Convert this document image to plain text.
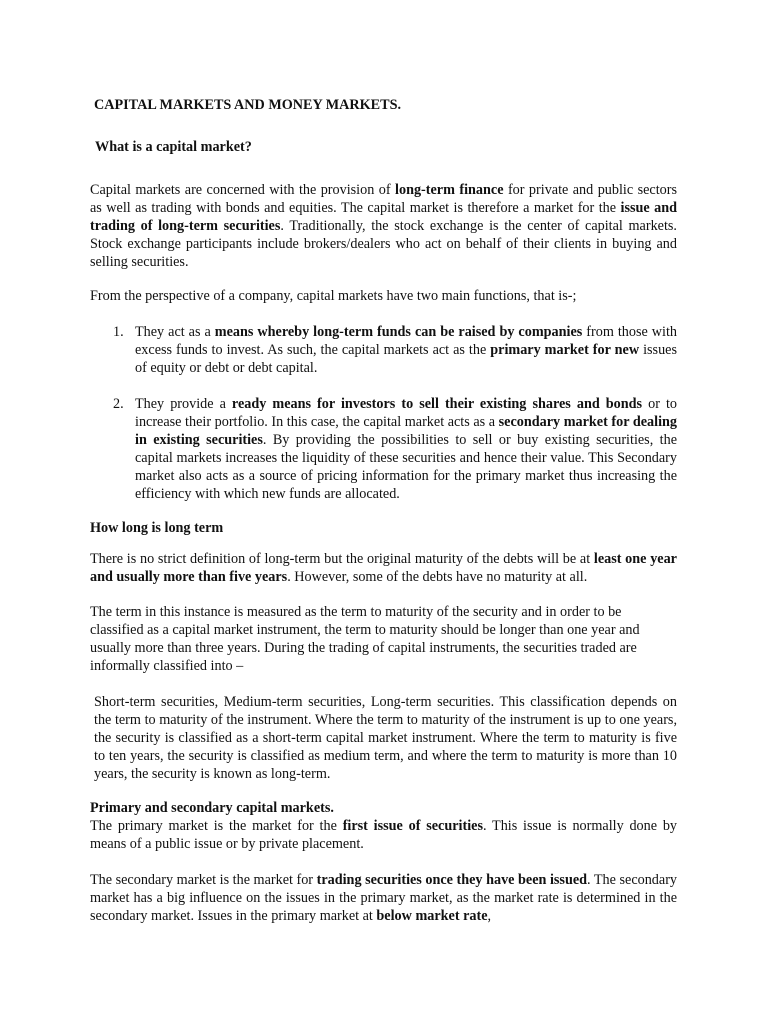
CAPITAL MARKETS AND MONEY MARKETS.
What is a capital market?

Capital markets are concerned with the provision of long-term finance for private and public sectors as well as trading with bonds and equities. The capital market is therefore a market for the issue and trading of long-term securities. Traditionally, the stock exchange is the center of capital markets. Stock exchange participants include brokers/dealers who act on behalf of their clients in buying and selling securities.

From the perspective of a company, capital markets have two main functions, that is-;

1. They act as a means whereby long-term funds can be raised by companies from those with excess funds to invest. As such, the capital markets act as the primary market for new issues of equity or debt or debt capital.
2. They provide a ready means for investors to sell their existing shares and bonds or to increase their portfolio. In this case, the capital market acts as a secondary market for dealing in existing securities. By providing the possibilities to sell or buy existing securities, the capital markets increases the liquidity of these securities and hence their value. This Secondary market also acts as a source of pricing information for the primary market thus increasing the efficiency with which new funds are allocated.
How long is long term

There is no strict definition of long-term but the original maturity of the debts will be at least one year and usually more than five years. However, some of the debts have no maturity at all.

The term in this instance is measured as the term to maturity of the security and in order to be classified as a capital market instrument, the term to maturity should be longer than one year and usually more than three years. During the trading of capital instruments, the securities traded are informally classified into –

Short-term securities, Medium-term securities, Long-term securities. This classification depends on the term to maturity of the instrument. Where the term to maturity of the instrument is up to one years, the security is classified as a short-term capital market instrument. Where the term to maturity is five to ten years, the security is classified as medium term, and where the term to maturity is more than 10 years, the security is known as long-term.

Primary and secondary capital markets.

The primary market is the market for the first issue of securities. This issue is normally done by means of a public issue or by private placement.

The secondary market is the market for trading securities once they have been issued. The secondary market has a big influence on the issues in the primary market, as the market rate is determined in the secondary market. Issues in the primary market at below market rate,
